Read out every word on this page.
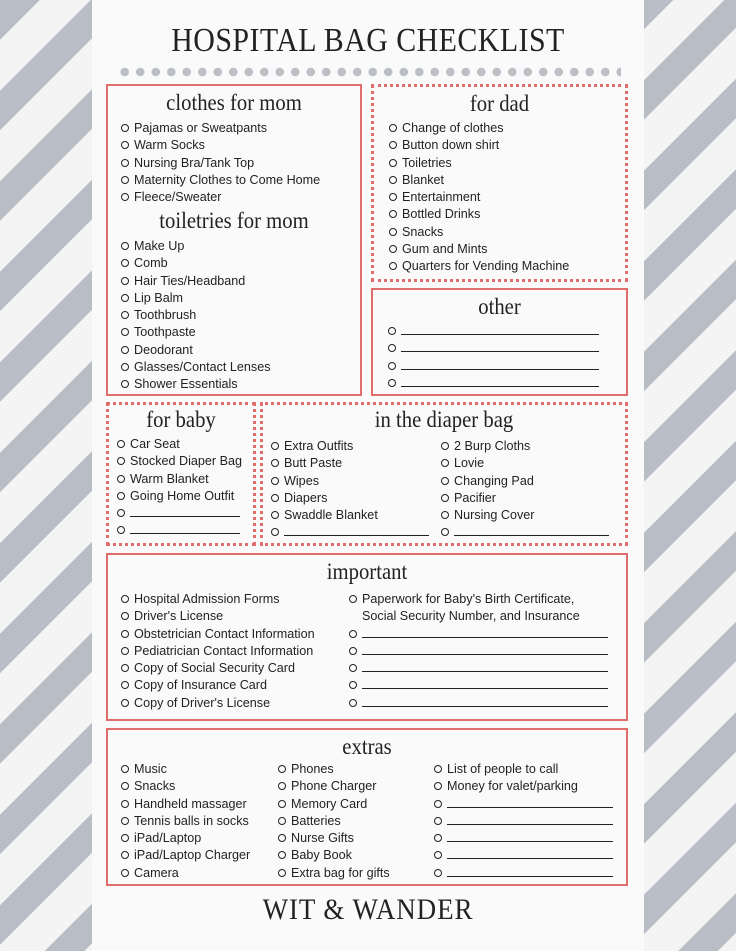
HOSPITAL BAG CHECKLIST
clothes for mom
Pajamas or Sweatpants
Warm Socks
Nursing Bra/Tank Top
Maternity Clothes to Come Home
Fleece/Sweater
toiletries for mom
Make Up
Comb
Hair Ties/Headband
Lip Balm
Toothbrush
Toothpaste
Deodorant
Glasses/Contact Lenses
Shower Essentials
for dad
Change of clothes
Button down shirt
Toiletries
Blanket
Entertainment
Bottled Drinks
Snacks
Gum and Mints
Quarters for Vending Machine
other
for baby
Car Seat
Stocked Diaper Bag
Warm Blanket
Going Home Outfit
in the diaper bag
Extra Outfits
Butt Paste
Wipes
Diapers
Swaddle Blanket
2 Burp Cloths
Lovie
Changing Pad
Pacifier
Nursing Cover
important
Hospital Admission Forms
Driver's License
Obstetrician Contact Information
Pediatrician Contact Information
Copy of Social Security Card
Copy of Insurance Card
Copy of Driver's License
Paperwork for Baby's Birth Certificate,
Social Security Number, and Insurance
extras
Music
Snacks
Handheld massager
Tennis balls in socks
iPad/Laptop
iPad/Laptop Charger
Camera
Phones
Phone Charger
Memory Card
Batteries
Nurse Gifts
Baby Book
Extra bag for gifts
List of people to call
Money for valet/parking
WIT & WANDER
